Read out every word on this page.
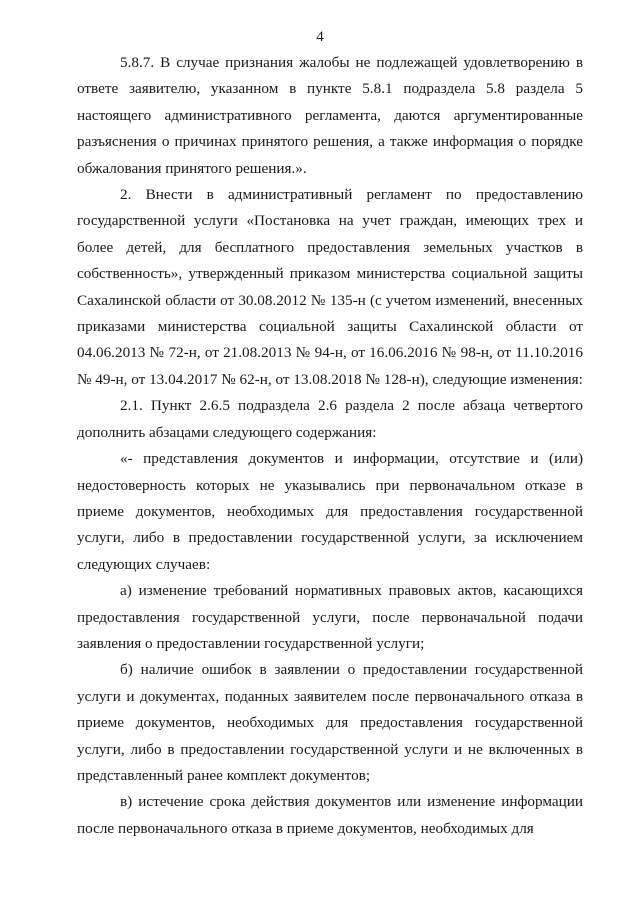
4

5.8.7. В случае признания жалобы не подлежащей удовлетворению в ответе заявителю, указанном в пункте 5.8.1 подраздела 5.8 раздела 5 настоящего административного регламента, даются аргументированные разъяснения о причинах принятого решения, а также информация о порядке обжалования принятого решения.».

2. Внести в административный регламент по предоставлению государственной услуги «Постановка на учет граждан, имеющих трех и более детей, для бесплатного предоставления земельных участков в собственность», утвержденный приказом министерства социальной защиты Сахалинской области от 30.08.2012 № 135-н (с учетом изменений, внесенных приказами министерства социальной защиты Сахалинской области от 04.06.2013 № 72-н, от 21.08.2013 № 94-н, от 16.06.2016 № 98-н, от 11.10.2016 № 49-н, от 13.04.2017 № 62-н, от 13.08.2018 № 128-н), следующие изменения:

2.1. Пункт 2.6.5 подраздела 2.6 раздела 2 после абзаца четвертого дополнить абзацами следующего содержания:

«- представления документов и информации, отсутствие и (или) недостоверность которых не указывались при первоначальном отказе в приеме документов, необходимых для предоставления государственной услуги, либо в предоставлении государственной услуги, за исключением следующих случаев:

а) изменение требований нормативных правовых актов, касающихся предоставления государственной услуги, после первоначальной подачи заявления о предоставлении государственной услуги;

б) наличие ошибок в заявлении о предоставлении государственной услуги и документах, поданных заявителем после первоначального отказа в приеме документов, необходимых для предоставления государственной услуги, либо в предоставлении государственной услуги и не включенных в представленный ранее комплект документов;

в) истечение срока действия документов или изменение информации после первоначального отказа в приеме документов, необходимых для
